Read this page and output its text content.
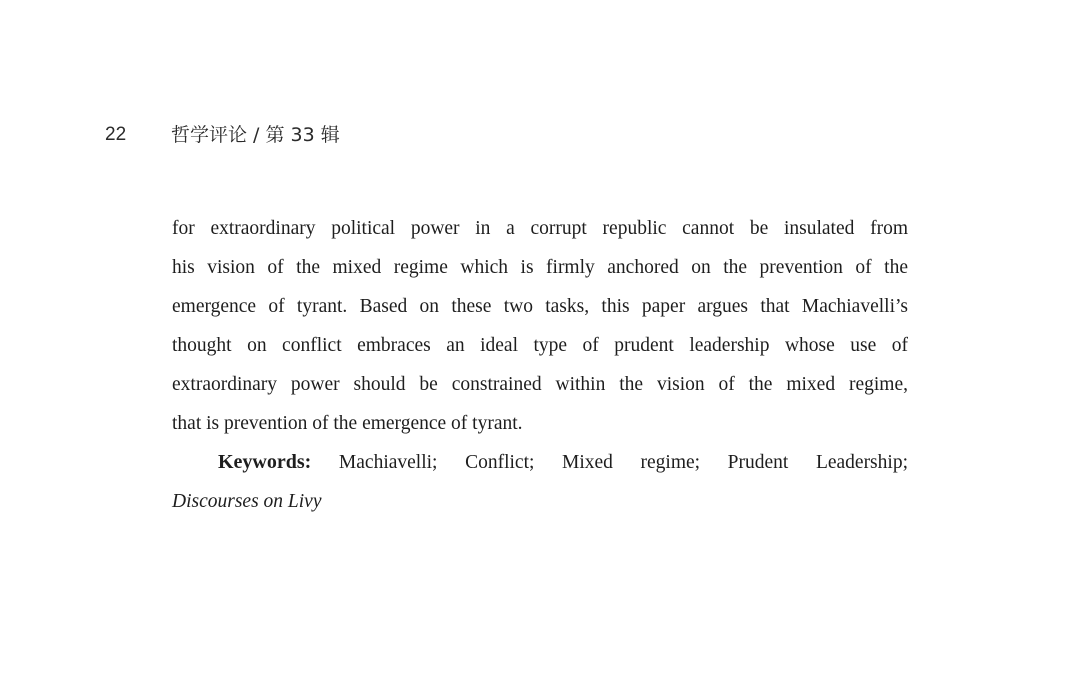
22 哲学评论 / 第 33 辑
for extraordinary political power in a corrupt republic cannot be insulated from
his vision of the mixed regime which is firmly anchored on the prevention of the
emergence of tyrant. Based on these two tasks, this paper argues that Machiavelli’s
thought on conflict embraces an ideal type of prudent leadership whose use of
extraordinary power should be constrained within the vision of the mixed regime,
that is prevention of the emergence of tyrant.
Keywords: Machiavelli; Conflict; Mixed regime; Prudent Leadership;
Discourses on Livy
